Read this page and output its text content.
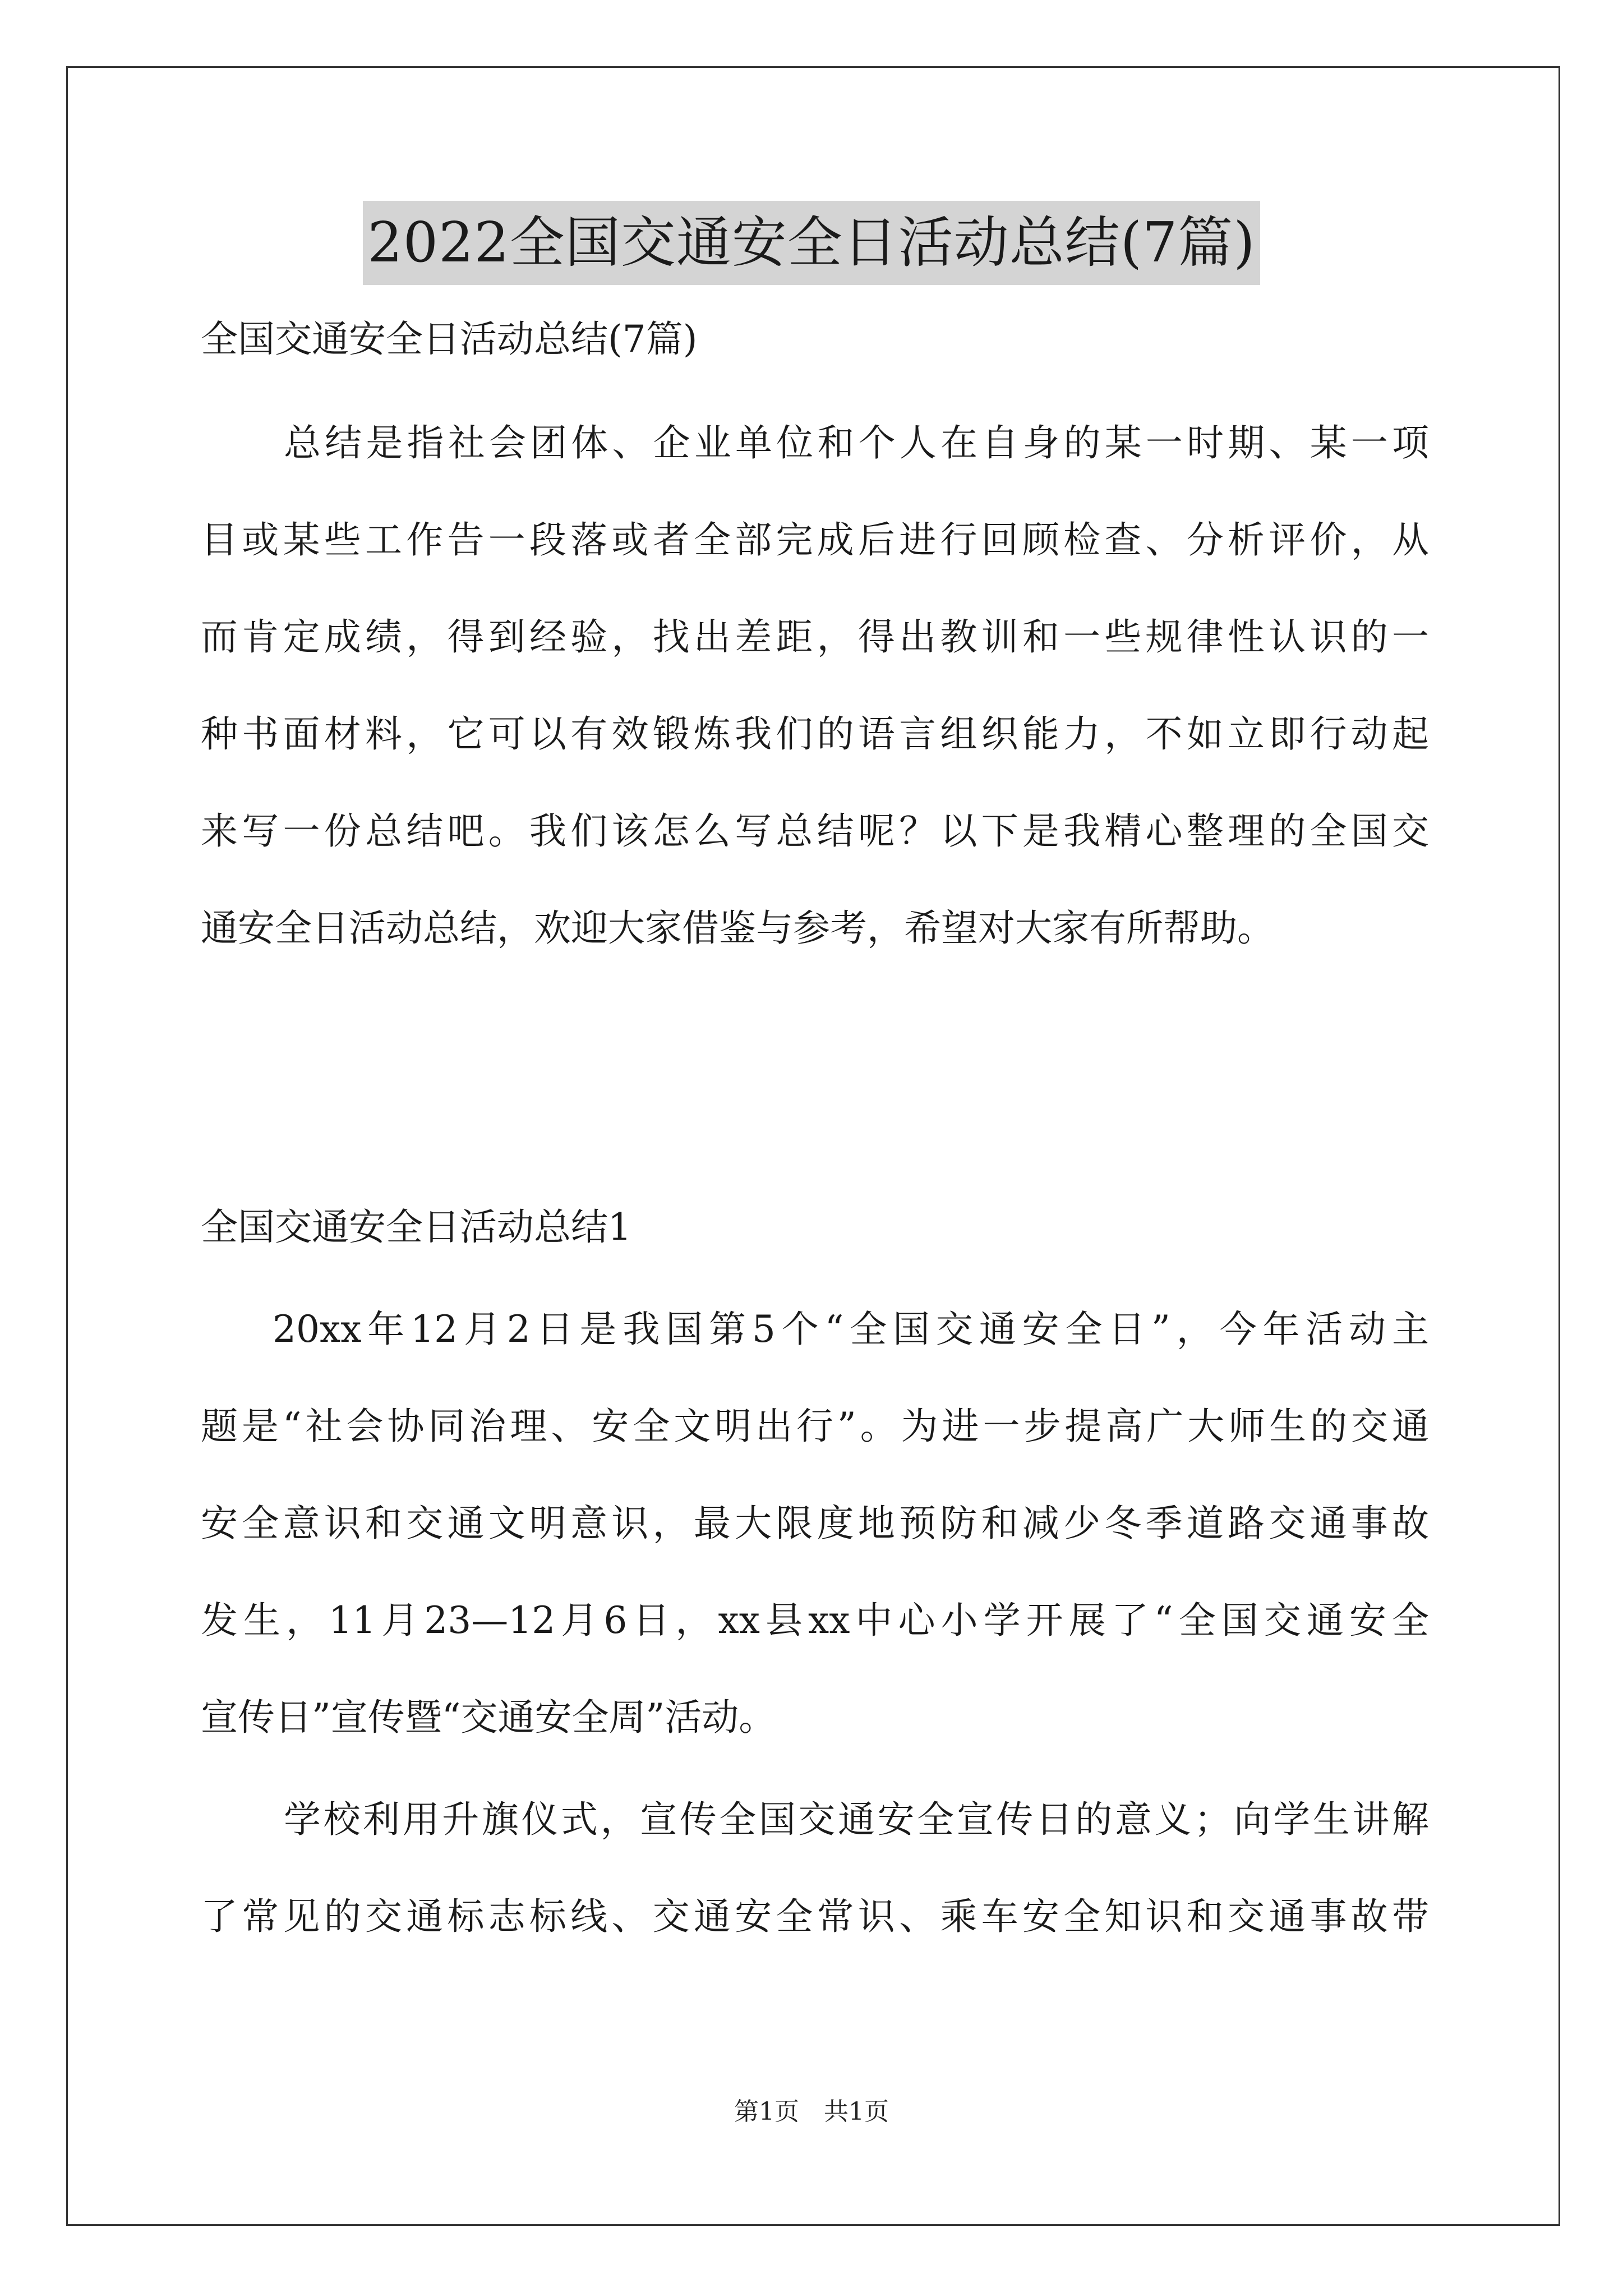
2022全国交通安全日活动总结(7篇)
全国交通安全日活动总结(7篇)
总结是指社会团体、企业单位和个人在自身的某一时期、某一项
目或某些工作告一段落或者全部完成后进行回顾检查、分析评价，从
而肯定成绩，得到经验，找出差距，得出教训和一些规律性认识的一
种书面材料，它可以有效锻炼我们的语言组织能力，不如立即行动起
来写一份总结吧。我们该怎么写总结呢？以下是我精心整理的全国交
通安全日活动总结，欢迎大家借鉴与参考，希望对大家有所帮助。
全国交通安全日活动总结1
20xx年12月2日是我国第5个“全国交通安全日”，今年活动主
题是“社会协同治理、安全文明出行”。为进一步提高广大师生的交通
安全意识和交通文明意识，最大限度地预防和减少冬季道路交通事故
发生，11月23—12月6日，xx县xx中心小学开展了“全国交通安全
宣传日”宣传暨“交通安全周”活动。
学校利用升旗仪式，宣传全国交通安全宣传日的意义；向学生讲解
了常见的交通标志标线、交通安全常识、乘车安全知识和交通事故带
第1页　共1页
